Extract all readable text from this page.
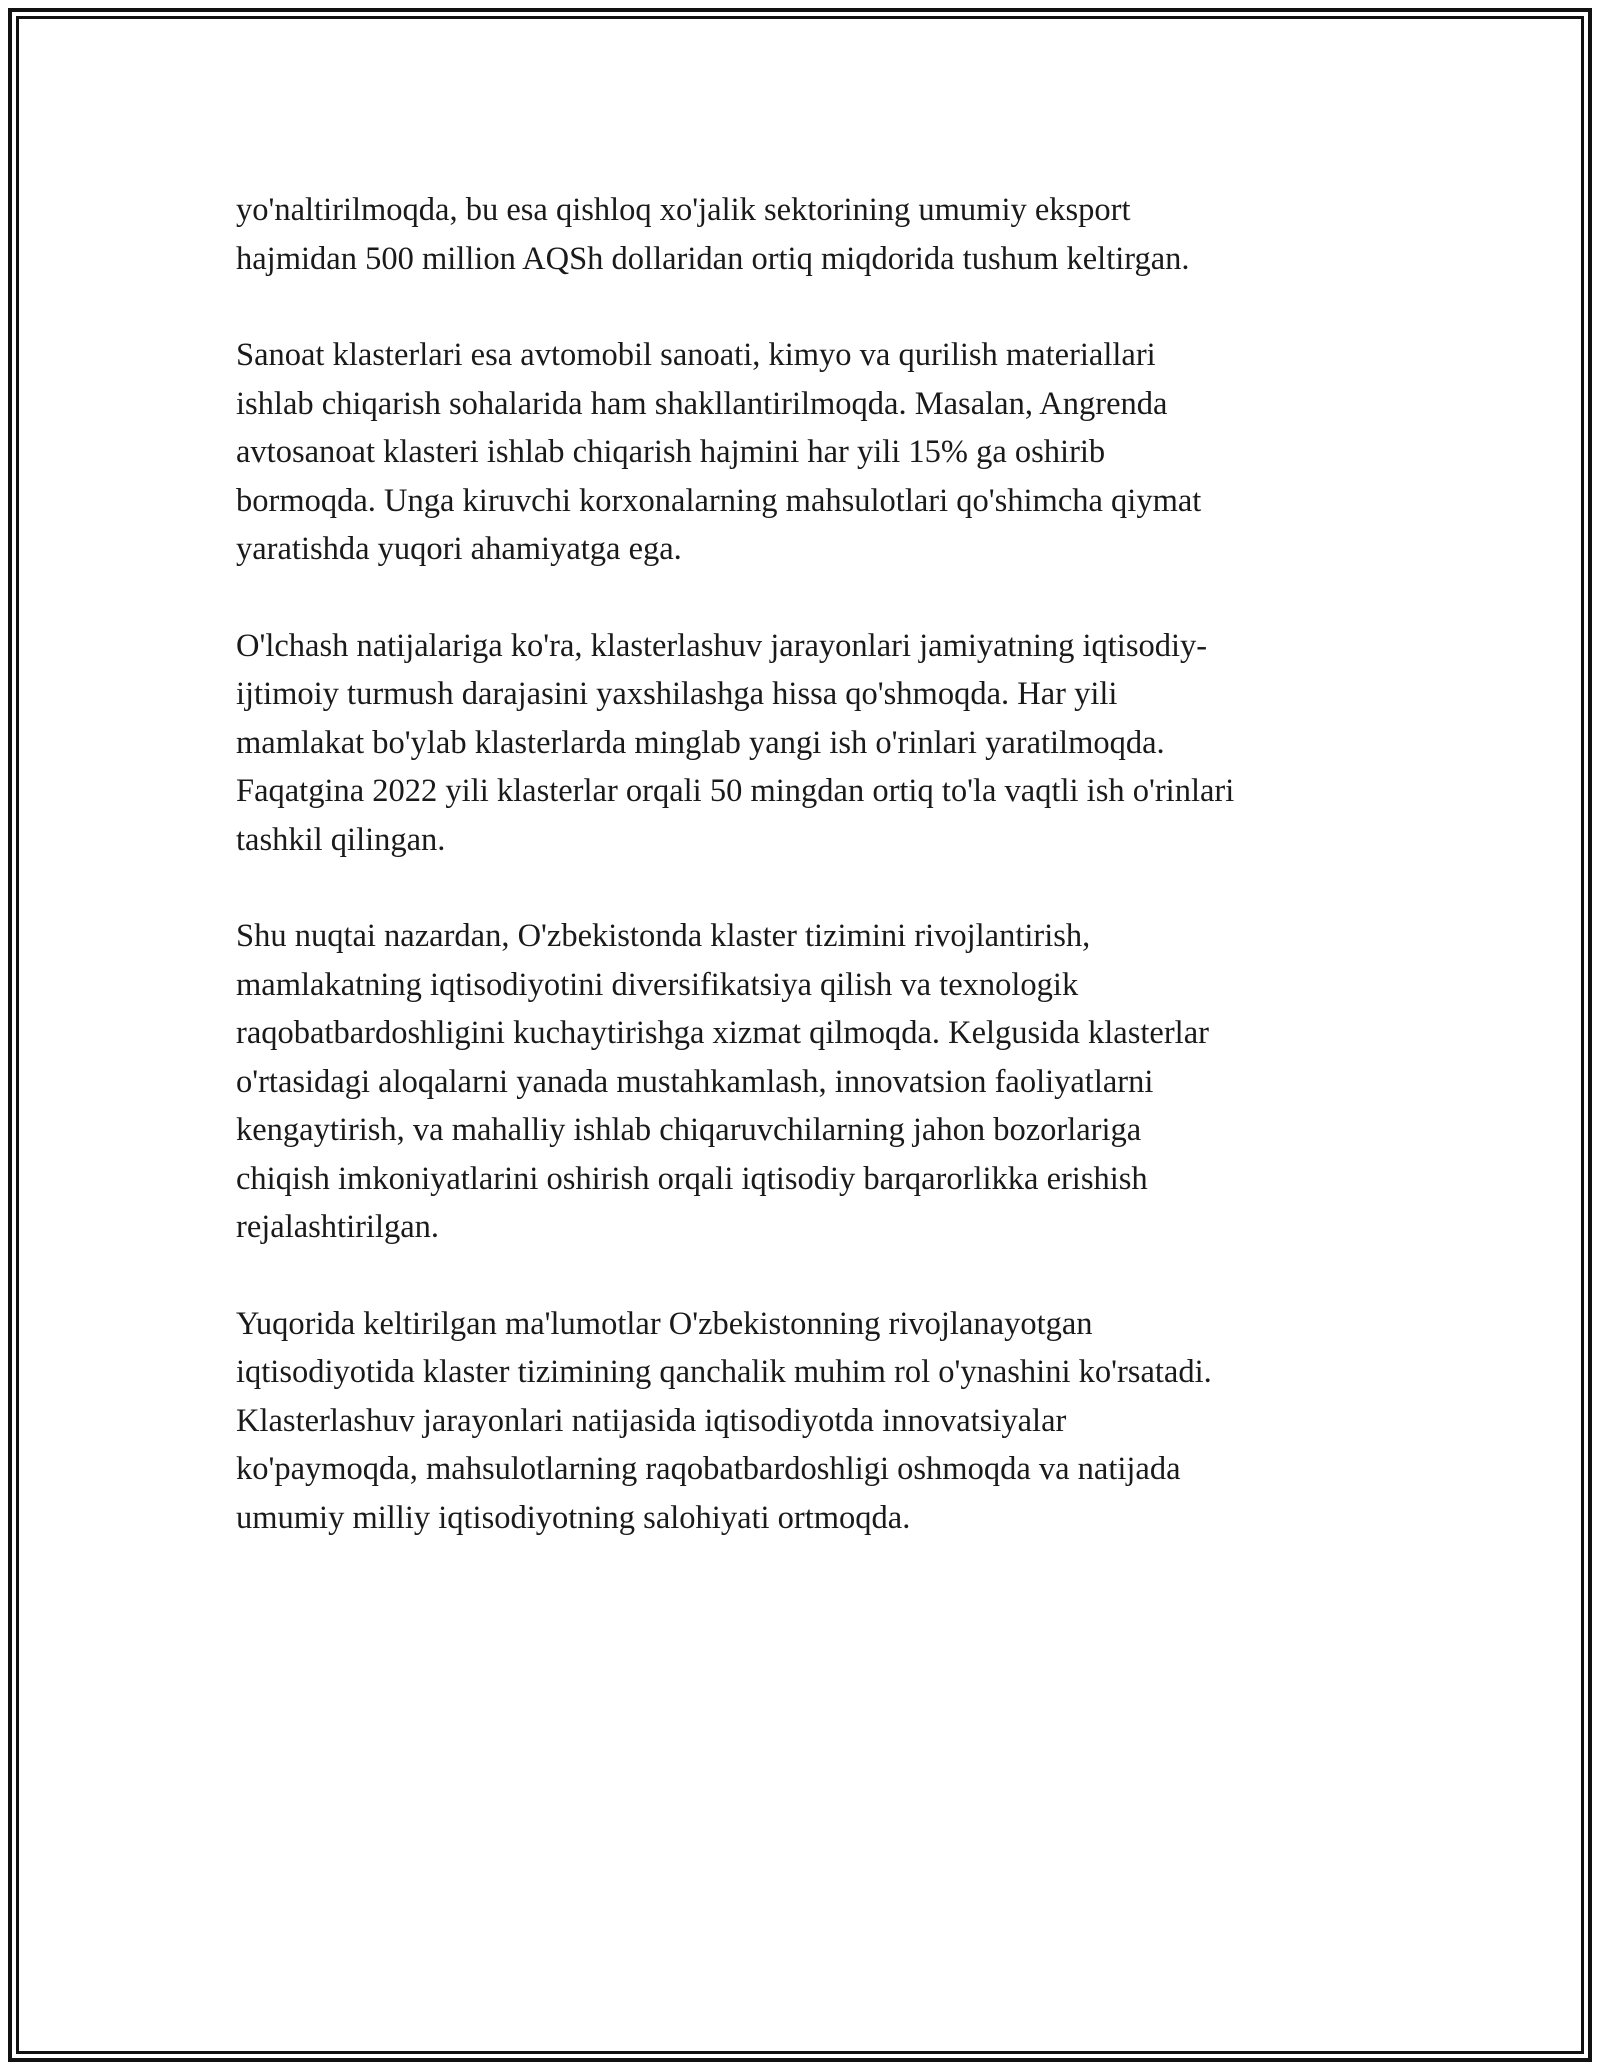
yo'naltirilmoqda, bu esa qishloq xo'jalik sektorining umumiy eksport
hajmidan 500 million AQSh dollaridan ortiq miqdorida tushum keltirgan.

Sanoat klasterlari esa avtomobil sanoati, kimyo va qurilish materiallari
ishlab chiqarish sohalarida ham shakllantirilmoqda. Masalan, Angrenda
avtosanoat klasteri ishlab chiqarish hajmini har yili 15% ga oshirib
bormoqda. Unga kiruvchi korxonalarning mahsulotlari qo'shimcha qiymat
yaratishda yuqori ahamiyatga ega.

O'lchash natijalariga ko'ra, klasterlashuv jarayonlari jamiyatning iqtisodiy-
ijtimoiy turmush darajasini yaxshilashga hissa qo'shmoqda. Har yili
mamlakat bo'ylab klasterlarda minglab yangi ish o'rinlari yaratilmoqda.
Faqatgina 2022 yili klasterlar orqali 50 mingdan ortiq to'la vaqtli ish o'rinlari
tashkil qilingan.

Shu nuqtai nazardan, O'zbekistonda klaster tizimini rivojlantirish,
mamlakatning iqtisodiyotini diversifikatsiya qilish va texnologik
raqobatbardoshligini kuchaytirishga xizmat qilmoqda. Kelgusida klasterlar
o'rtasidagi aloqalarni yanada mustahkamlash, innovatsion faoliyatlarni
kengaytirish, va mahalliy ishlab chiqaruvchilarning jahon bozorlariga
chiqish imkoniyatlarini oshirish orqali iqtisodiy barqarorlikka erishish
rejalashtirilgan.

Yuqorida keltirilgan ma'lumotlar O'zbekistonning rivojlanayotgan
iqtisodiyotida klaster tizimining qanchalik muhim rol o'ynashini ko'rsatadi.
Klasterlashuv jarayonlari natijasida iqtisodiyotda innovatsiyalar
ko'paymoqda, mahsulotlarning raqobatbardoshligi oshmoqda va natijada
umumiy milliy iqtisodiyotning salohiyati ortmoqda.
